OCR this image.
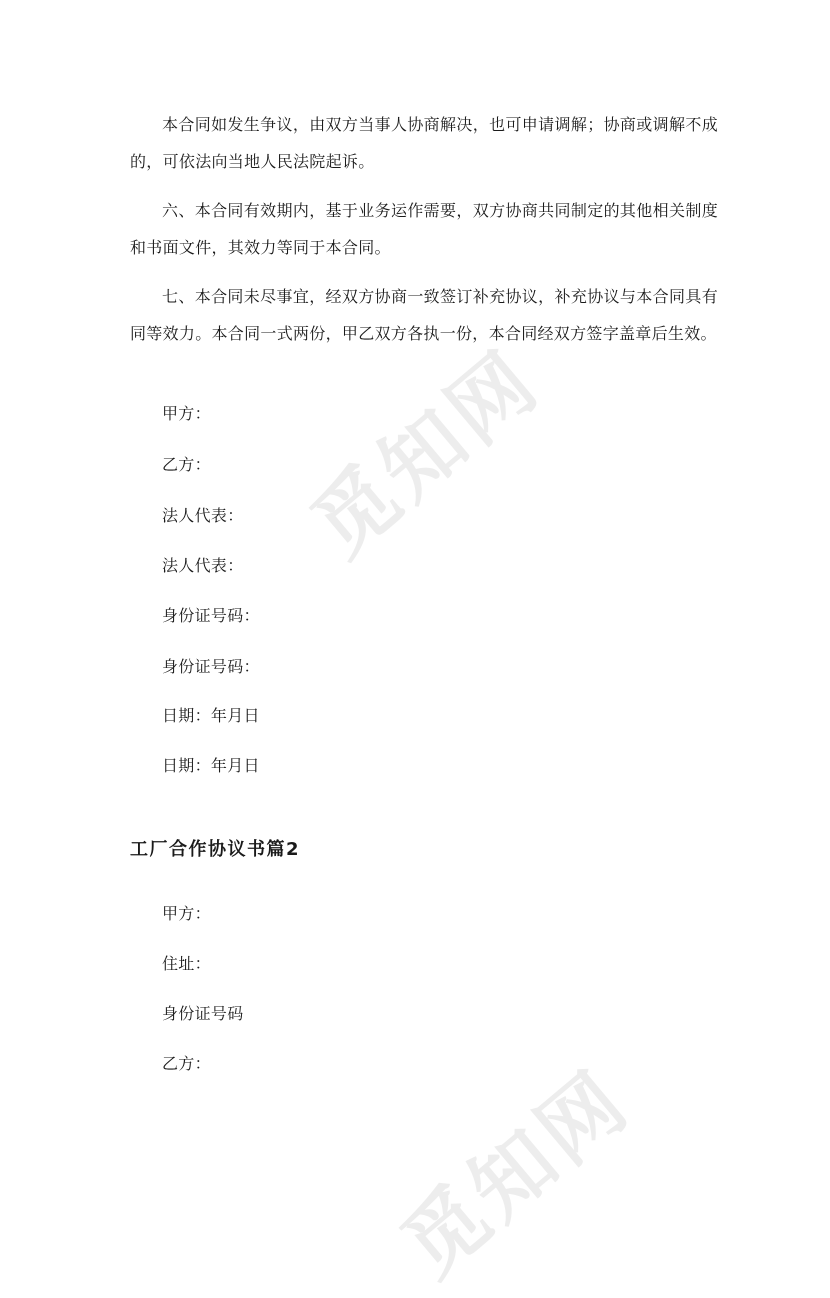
觅知网
觅知网

本合同如发生争议，由双方当事人协商解决，也可申请调解；协商或调解不成的，可依法向当地人民法院起诉。

六、本合同有效期内，基于业务运作需要，双方协商共同制定的其他相关制度和书面文件，其效力等同于本合同。

七、本合同未尽事宜，经双方协商一致签订补充协议，补充协议与本合同具有同等效力。本合同一式两份，甲乙双方各执一份，本合同经双方签字盖章后生效。

甲方：

乙方：

法人代表：

法人代表：

身份证号码：

身份证号码：

日期：年月日

日期：年月日

工厂合作协议书篇2

甲方：

住址：

身份证号码

乙方：
